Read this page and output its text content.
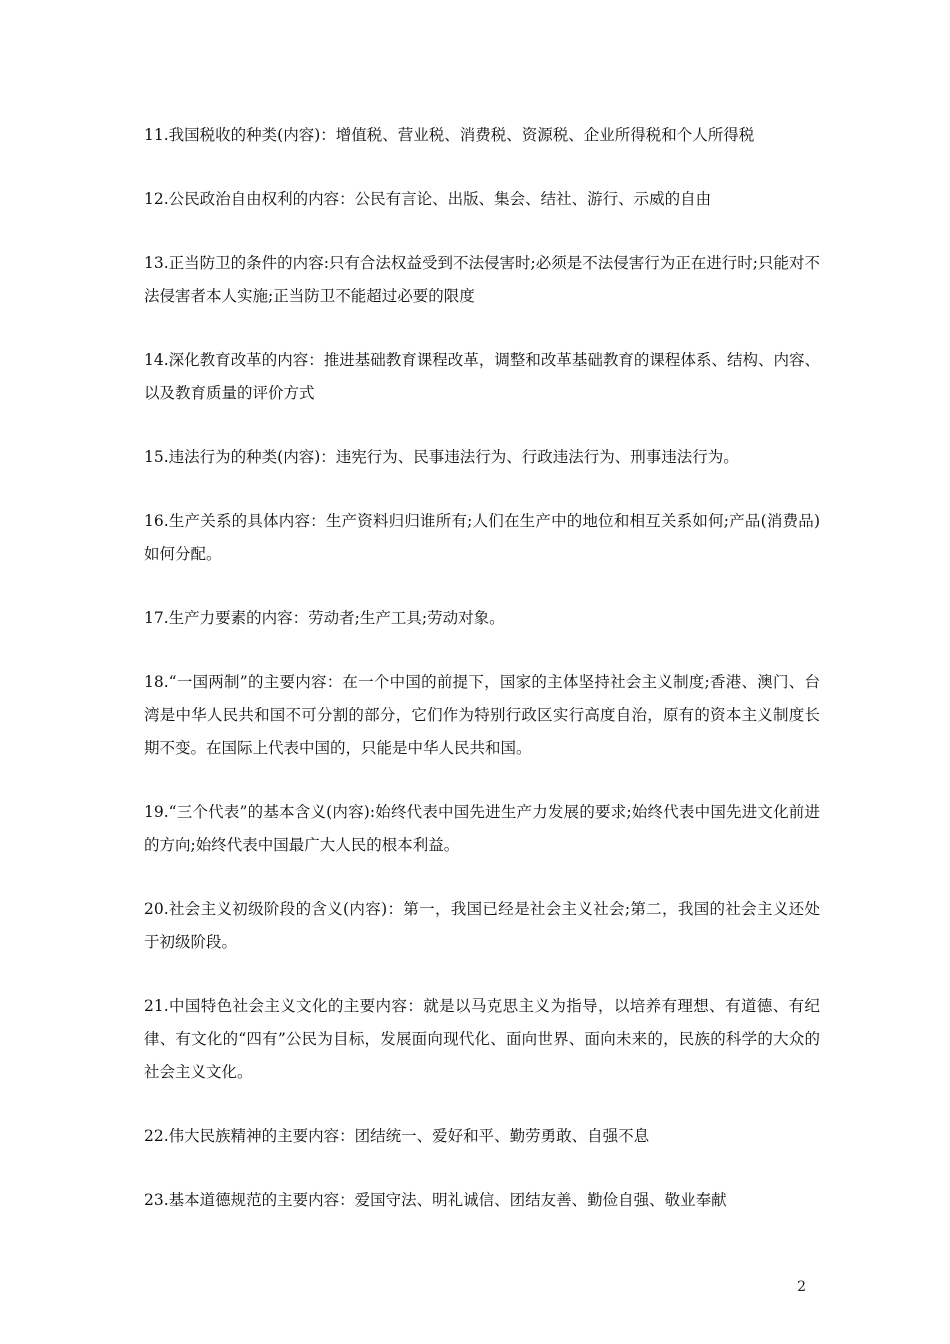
11.我国税收的种类(内容)：增值税、营业税、消费税、资源税、企业所得税和个人所得税

12.公民政治自由权利的内容：公民有言论、出版、集会、结社、游行、示威的自由

13.正当防卫的条件的内容:只有合法权益受到不法侵害时;必须是不法侵害行为正在进行时;只能对不法侵害者本人实施;正当防卫不能超过必要的限度

14.深化教育改革的内容：推进基础教育课程改革，调整和改革基础教育的课程体系、结构、内容、以及教育质量的评价方式

15.违法行为的种类(内容)：违宪行为、民事违法行为、行政违法行为、刑事违法行为。

16.生产关系的具体内容：生产资料归归谁所有;人们在生产中的地位和相互关系如何;产品(消费品)如何分配。

17.生产力要素的内容：劳动者;生产工具;劳动对象。

18.“一国两制”的主要内容：在一个中国的前提下，国家的主体坚持社会主义制度;香港、澳门、台湾是中华人民共和国不可分割的部分，它们作为特别行政区实行高度自治，原有的资本主义制度长期不变。在国际上代表中国的，只能是中华人民共和国。

19.“三个代表”的基本含义(内容):始终代表中国先进生产力发展的要求;始终代表中国先进文化前进的方向;始终代表中国最广大人民的根本利益。

20.社会主义初级阶段的含义(内容)：第一，我国已经是社会主义社会;第二，我国的社会主义还处于初级阶段。

21.中国特色社会主义文化的主要内容：就是以马克思主义为指导，以培养有理想、有道德、有纪律、有文化的“四有”公民为目标，发展面向现代化、面向世界、面向未来的，民族的科学的大众的社会主义文化。

22.伟大民族精神的主要内容：团结统一、爱好和平、勤劳勇敢、自强不息

23.基本道德规范的主要内容：爱国守法、明礼诚信、团结友善、勤俭自强、敬业奉献

2
